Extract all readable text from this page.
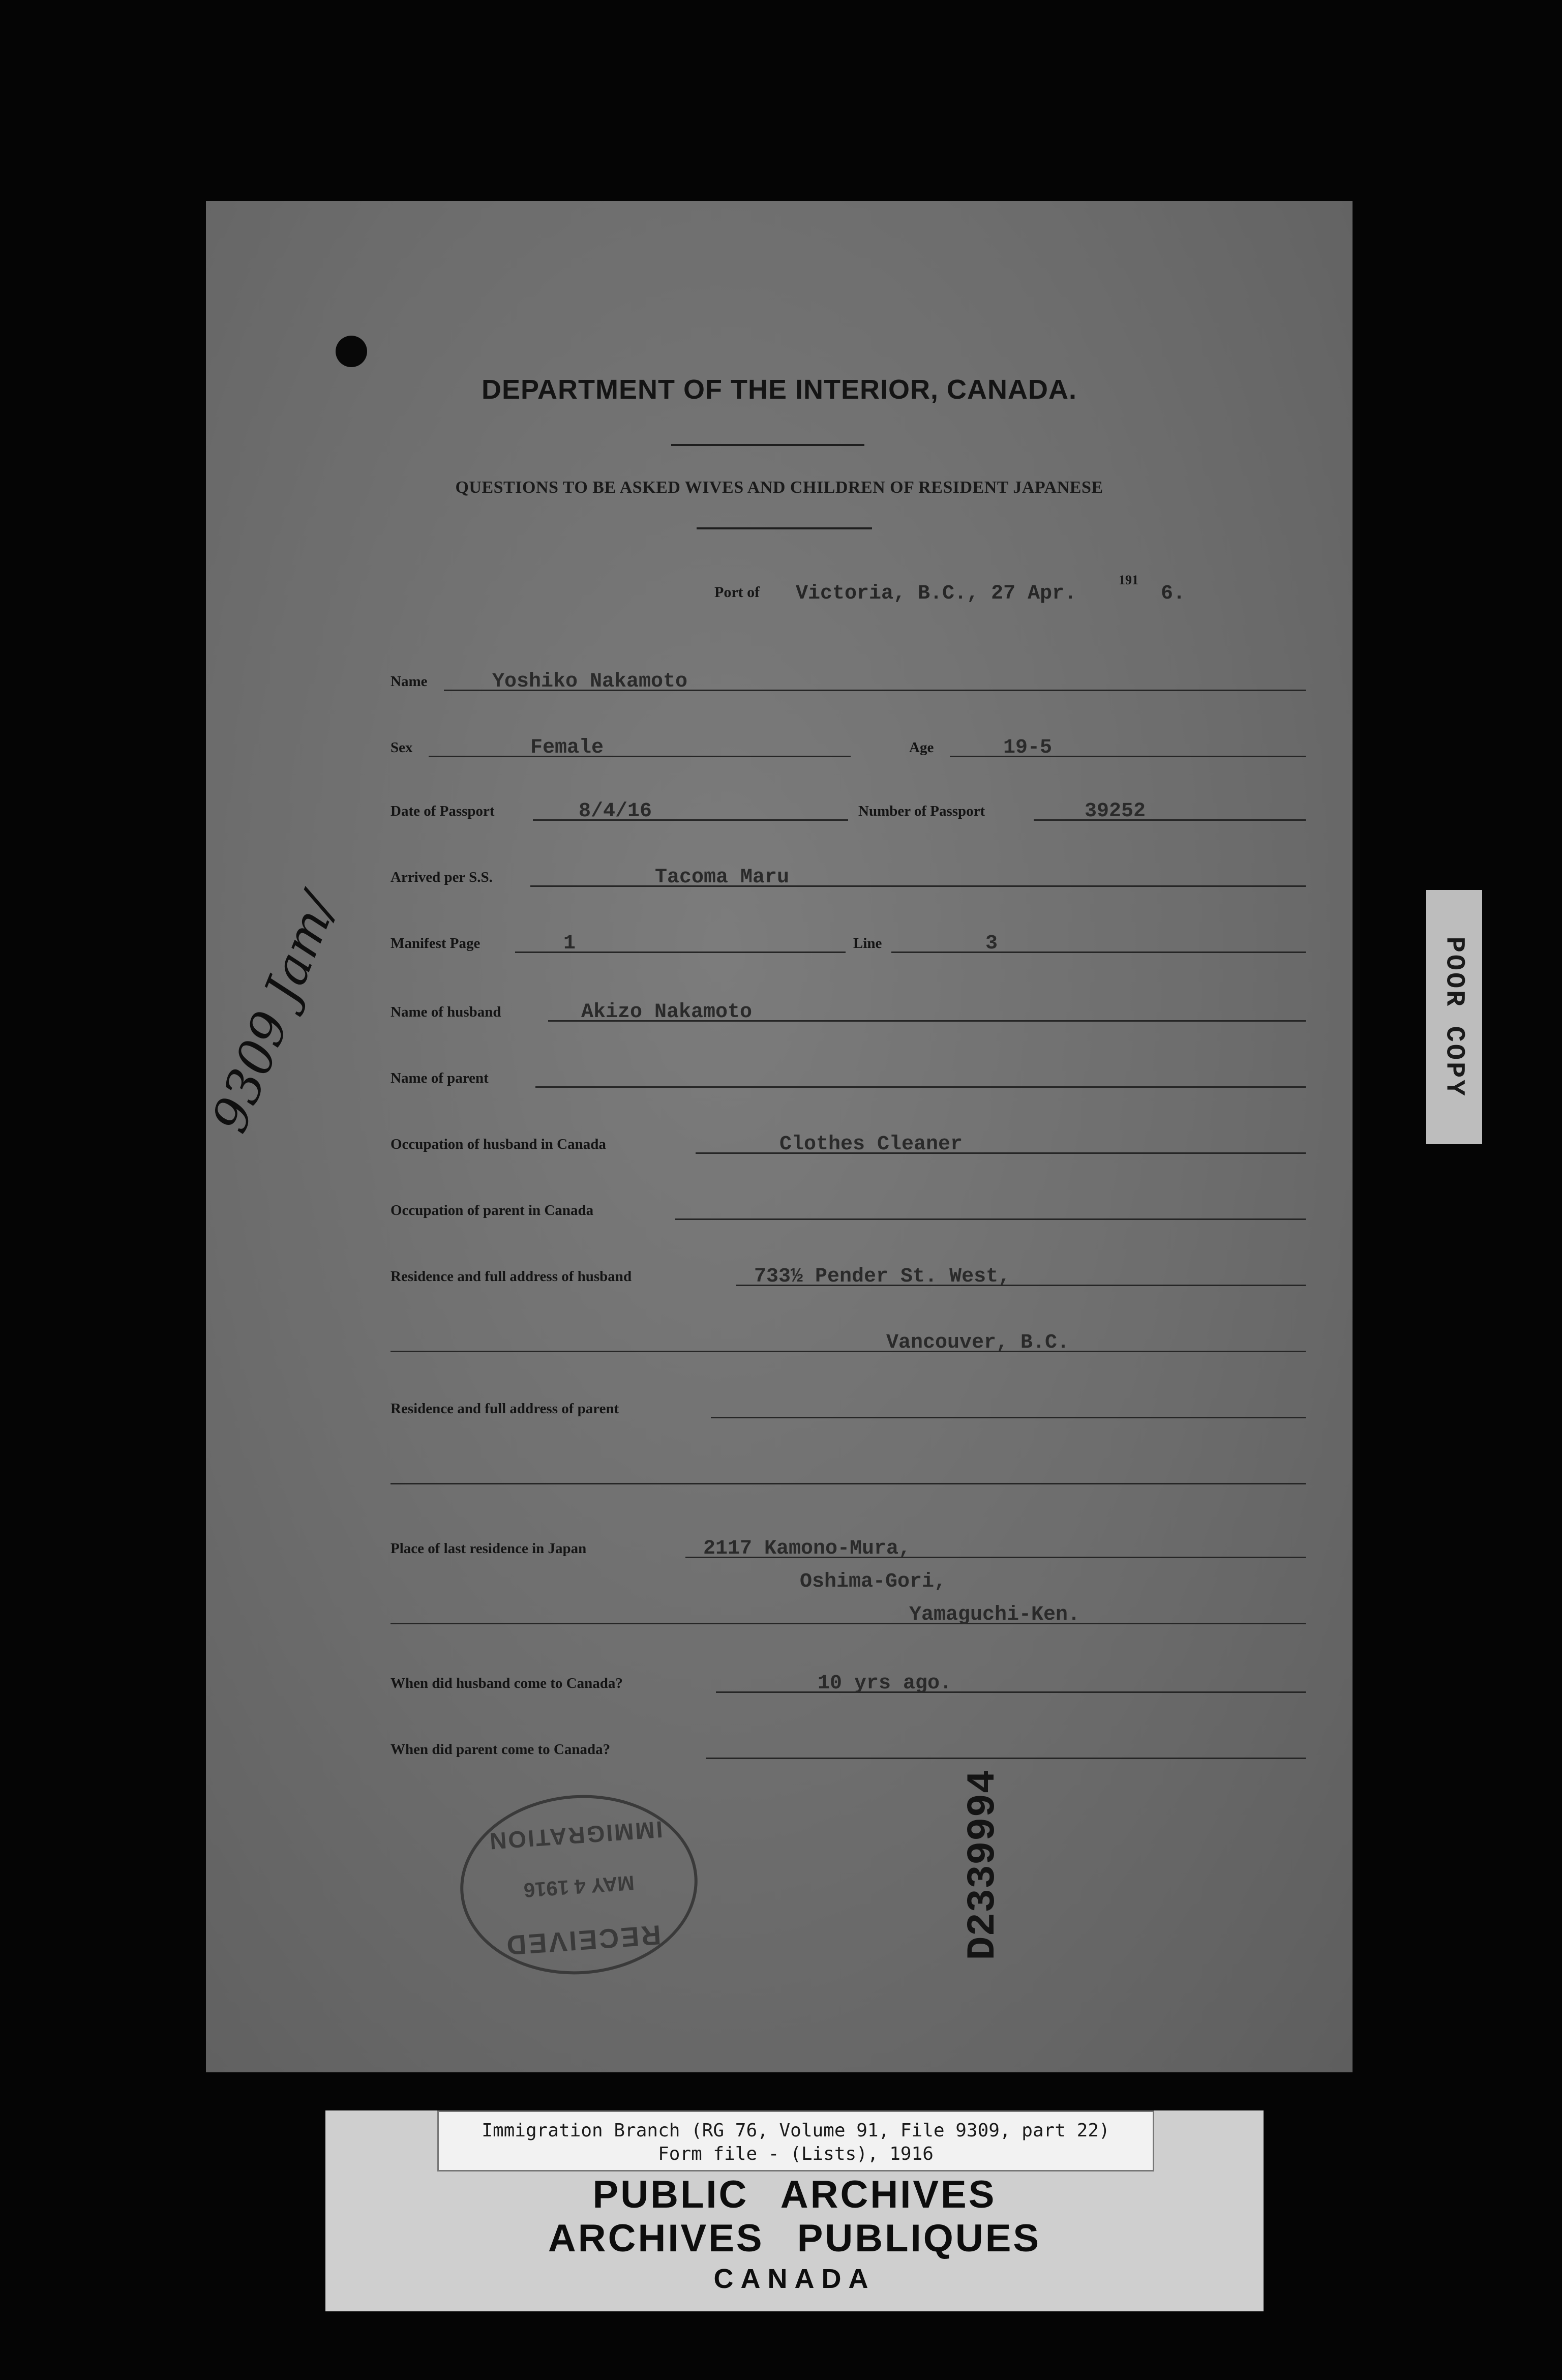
DEPARTMENT OF THE INTERIOR, CANADA.
QUESTIONS TO BE ASKED WIVES AND CHILDREN OF RESIDENT JAPANESE
Port of Victoria, B.C., 27 Apr.
191
6.
Name	Yoshiko Nakamoto
Sex	Female	Age	19-5
Date of Passport	8/4/16	Number of Passport	39252
Arrived per S.S.	Tacoma Maru
Manifest Page	1	Line	3
Name of husband	Akizo Nakamoto
Name of parent
Occupation of husband in Canada	Clothes Cleaner
Occupation of parent in Canada
Residence and full address of husband	733½ Pender St. West,
Vancouver, B.C.
Residence and full address of parent
Place of last residence in Japan	2117 Kamono-Mura,
Oshima-Gori,
Yamaguchi-Ken.
When did husband come to Canada?	10 yrs ago.
When did parent come to Canada?
9309 Jam/
RECEIVED
MAY 4 1916
IMMIGRATION	D2339994
POOR COPY
Immigration Branch (RG 76, Volume 91, File 9309, part 22)
Form file - (Lists), 1916
PUBLIC ARCHIVES
ARCHIVES PUBLIQUES
CANADA
